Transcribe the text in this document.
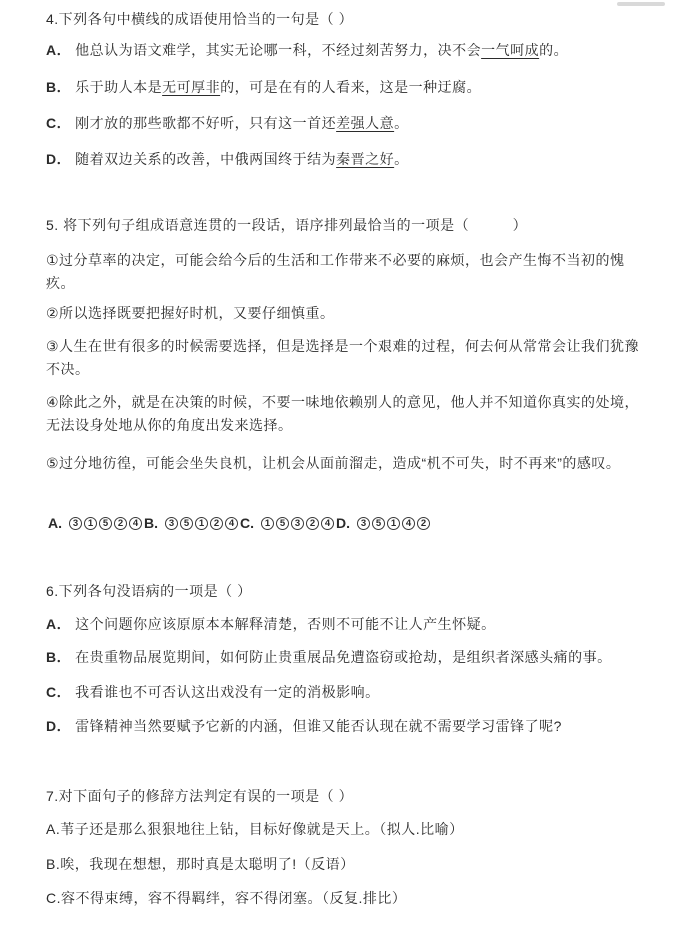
4.下列各句中横线的成语使用恰当的一句是（ ）

A． 他总认为语文难学，其实无论哪一科，不经过刻苦努力，决不会一气呵成的。

B． 乐于助人本是无可厚非的，可是在有的人看来，这是一种迂腐。

C． 刚才放的那些歌都不好听，只有这一首还差强人意。

D． 随着双边关系的改善，中俄两国终于结为秦晋之好。

5. 将下列句子组成语意连贯的一段话，语序排列最恰当的一项是（　　　）

①过分草率的决定，可能会给今后的生活和工作带来不必要的麻烦，也会产生悔不当初的愧疚。

②所以选择既要把握好时机，又要仔细慎重。

③人生在世有很多的时候需要选择，但是选择是一个艰难的过程，何去何从常常会让我们犹豫不决。

④除此之外，就是在决策的时候，不要一味地依赖别人的意见，他人并不知道你真实的处境，无法设身处地从你的角度出发来选择。

⑤过分地彷徨，可能会坐失良机，让机会从面前溜走，造成“机不可失，时不再来”的感叹。

A.	3	1	5	2	4 B.	3	5	1	2	4 C.	1	5	3	2	4 D.	3	5	1	4	2

6.下列各句没语病的一项是（ ）

A． 这个问题你应该原原本本解释清楚，否则不可能不让人产生怀疑。

B． 在贵重物品展览期间，如何防止贵重展品免遭盗窃或抢劫，是组织者深感头痛的事。

C． 我看谁也不可否认这出戏没有一定的消极影响。

D． 雷锋精神当然要赋予它新的内涵，但谁又能否认现在就不需要学习雷锋了呢?

7.对下面句子的修辞方法判定有误的一项是（ ）

A.苇子还是那么狠狠地往上钻，目标好像就是天上。（拟人.比喻）

B.唉，我现在想想，那时真是太聪明了!（反语）

C.容不得束缚，容不得羁绊，容不得闭塞。（反复.排比）
